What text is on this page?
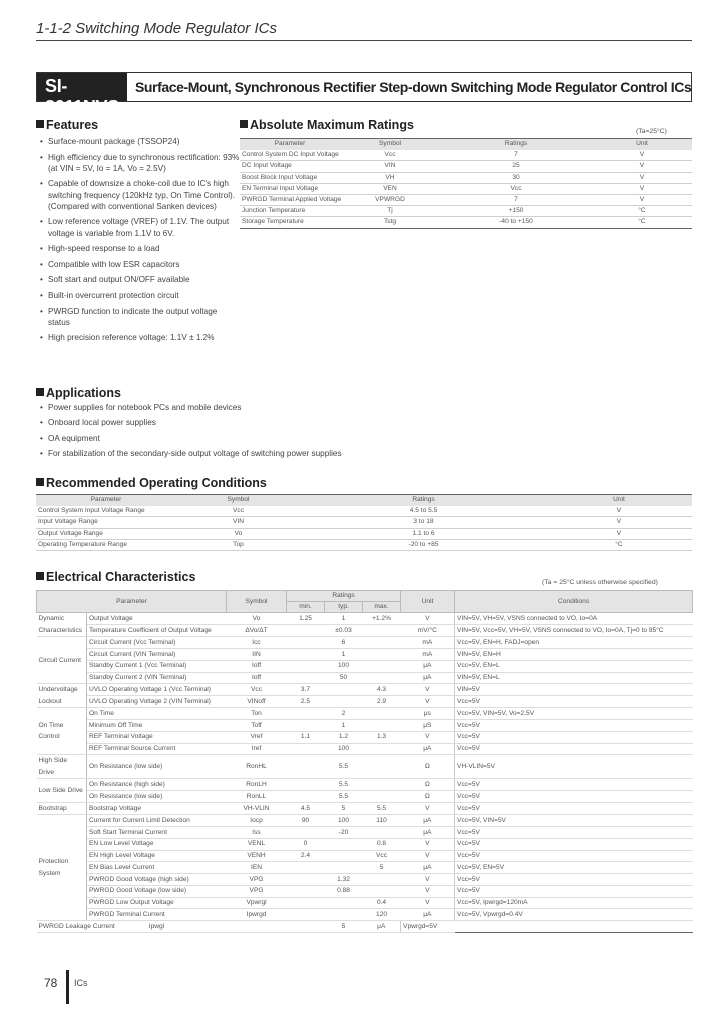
1-1-2 Switching Mode Regulator ICs
SI-8011NVS
Surface-Mount, Synchronous Rectifier Step-down Switching Mode Regulator Control ICs
Features
• Surface-mount package (TSSOP24)
• High efficiency due to synchronous rectification: 93% (at VIN = 5V, Io = 1A, Vo = 2.5V)
• Capable of downsize a choke-coil due to IC's high switching frequency (120kHz typ, On Time Control). (Compared with conventional Sanken devices)
• Low reference voltage (VREF) of 1.1V. The output voltage is variable from 1.1V to 6V.
• High-speed response to a load
• Compatible with low ESR capacitors
• Soft start and output ON/OFF available
• Built-in overcurrent protection circuit
• PWRGD function to indicate the output voltage status
• High precision reference voltage: 1.1V ± 1.2%
Absolute Maximum Ratings	(Ta=25°C)
Parameter	Symbol	Ratings	Unit
Control System DC Input Voltage	Vcc	7	V
DC Input Voltage	VIN	25	V
Boost Block Input Voltage	VH	30	V
EN Terminal Input Voltage	VEN	Vcc	V
PWRGD Terminal Applied Voltage	VPWRGD	7	V
Junction Temperature	Tj	+150	°C
Storage Temperature	Tstg	-40 to +150	°C
Applications
• Power supplies for notebook PCs and mobile devices
• Onboard local power supplies
• OA equipment
• For stabilization of the secondary-side output voltage of switching power supplies
Recommended Operating Conditions
Parameter	Symbol	Ratings	Unit
Control System Input Voltage Range	Vcc	4.5 to 5.5	V
Input Voltage Range	VIN	3 to 18	V
Output Voltage Range	Vo	1.1 to 6	V
Operating Temperature Range	Top	-20 to +85	°C
Electrical Characteristics	(Ta = 25°C unless otherwise specified)
Parameter		Symbol	Ratings			Unit	Conditions
			min.	typ.	max.		
Dynamic Characteristics	Output Voltage	Vo	1.25	1	+1.2%	V	VIN=5V, VH=5V, VSNS connected to VO, Io=0A
	Temperature Coefficient of Output Voltage	ΔVo/ΔT		±0.03		mV/°C	VIN=5V, Vcc=5V, VH=5V, VSNS connected to VO, Io=0A, Tj=0 to 85°C
Circuit Current	Circuit Current (Vcc Terminal)	Icc		6		mA	Vcc=5V, EN=H, FADJ=open
	Circuit Current (VIN Terminal)	IIN		1		mA	VIN=5V, EN=H
	Standby Current 1 (Vcc Terminal)	Ioff		100		μA	Vcc=5V, EN=L
	Standby Current 2 (VIN Terminal)	Ioff		50		μA	VIN=5V, EN=L
Undervoltage Lockout	UVLO Operating Voltage 1 (Vcc Terminal)	Vcc	3.7		4.3	V	VIN=5V
	UVLO Operating Voltage 2 (VIN Terminal)	VINoff	2.5		2.9	V	Vcc=5V
On Time Control	On Time	Ton		2		μs	Vcc=5V, VIN=5V, Vo=2.5V
	Minimum Off Time	Toff		1		μS	Vcc=5V
	REF Terminal Voltage	Vref	1.1	1.2	1.3	V	Vcc=5V
	REF Terminal Source Current	Iref		100		μA	Vcc=5V
High Side Drive	On Resistance (low side)	RonHL		5.5		Ω	VH-VLIN=5V
Low Side Drive	On Resistance (high side)	RonLH		5.5		Ω	Vcc=5V
	On Resistance (low side)	RonLL		5.5		Ω	Vcc=5V
Bootstrap	Bootstrap Voltage	VH-VLIN	4.5	5	5.5	V	Vcc=5V
Protection System	Current for Current Limit Detection	Iocp	90	100	110	μA	Vcc=5V, VIN=5V
	Soft Start Terminal Current	Iss		-20		μA	Vcc=5V
	EN Low Level Voltage	VENL	0		0.8	V	Vcc=5V
	EN High Level Voltage	VENH	2.4		Vcc	V	Vcc=5V
	EN Bias Level Current	IEN			5	μA	Vcc=5V, EN=5V
	PWRGD Good Voltage (high side)	VPG		1.32		V	Vcc=5V
	PWRGD Good Voltage (low side)	VPG		0.88		V	Vcc=5V
	PWRGD Low Output Voltage	Vpwrgl			0.4	V	Vcc=5V, Ipwrgd=120mA
	PWRGD Terminal Current	Ipwrgd			120	μA	Vcc=5V, Vpwrgd=0.4V
PWRGD Leakage Current	Ipwgl			5	μA	Vpwrgd=5V	
78 ICs
